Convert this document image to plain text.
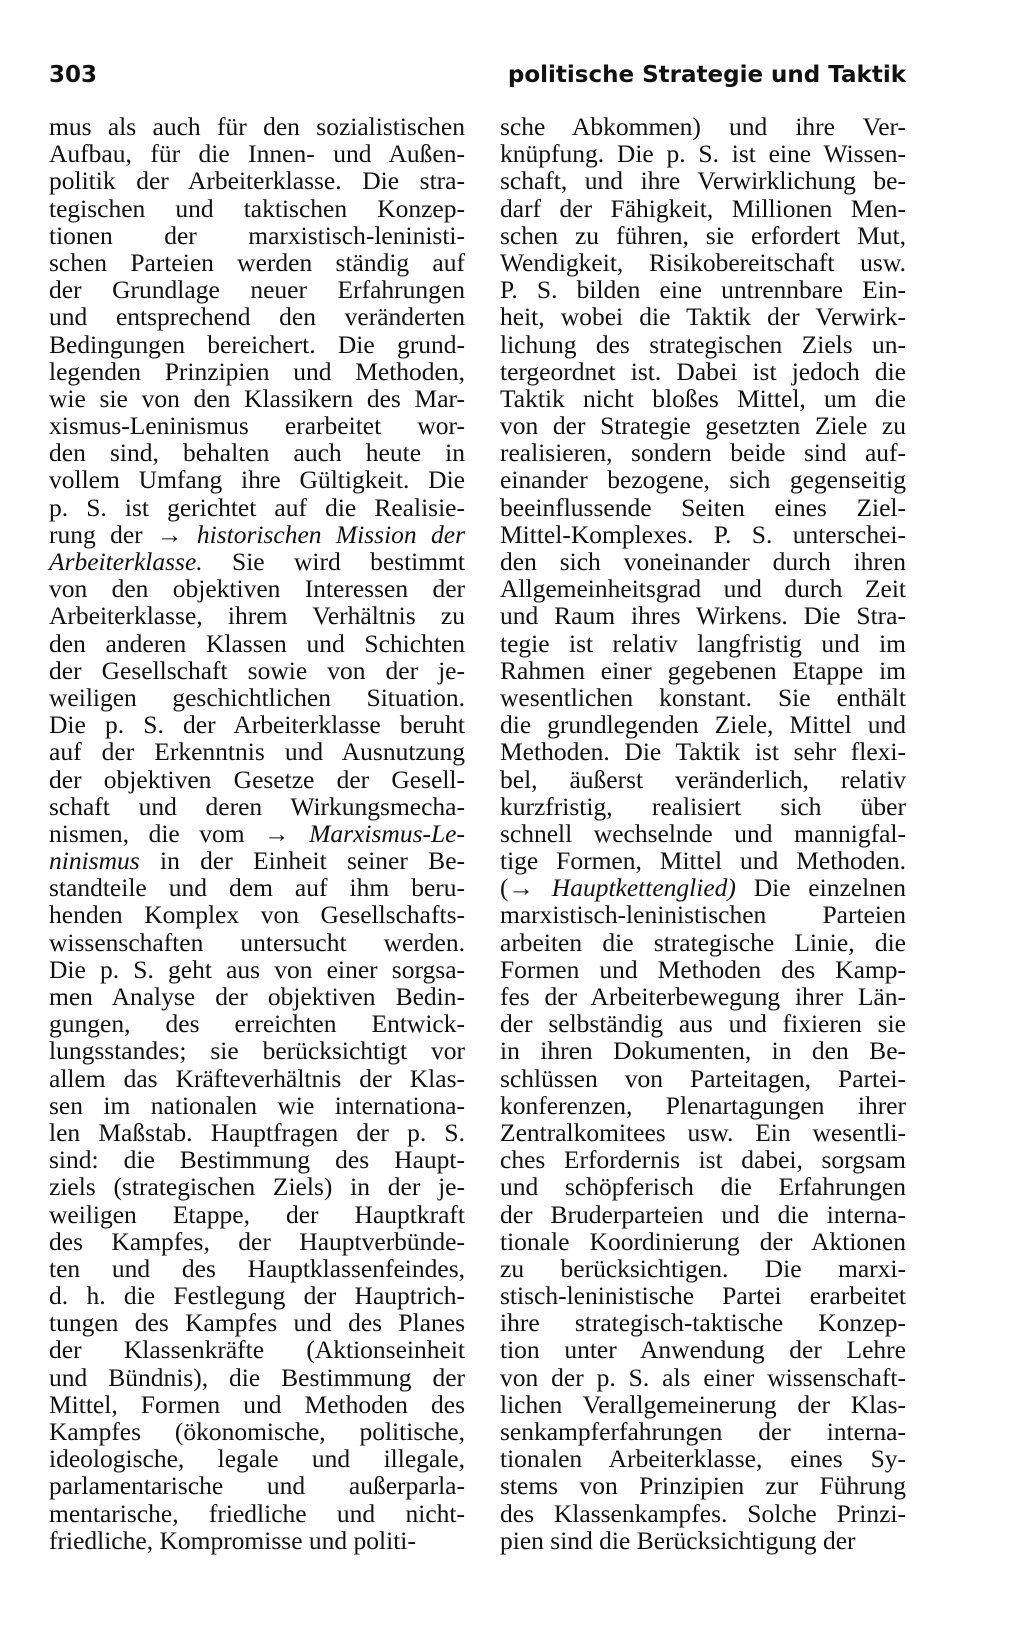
303	politische Strategie und Taktik
mus als auch für den sozialistischen
Aufbau, für die Innen- und Außen-
politik der Arbeiterklasse. Die stra-
tegischen und taktischen Konzep-
tionen der marxistisch-leninisti-
schen Parteien werden ständig auf
der Grundlage neuer Erfahrungen
und entsprechend den veränderten
Bedingungen bereichert. Die grund-
legenden Prinzipien und Methoden,
wie sie von den Klassikern des Mar-
xismus-Leninismus erarbeitet wor-
den sind, behalten auch heute in
vollem Umfang ihre Gültigkeit. Die
p. S. ist gerichtet auf die Realisie-
rung der → historischen Mission der
Arbeiterklasse. Sie wird bestimmt
von den objektiven Interessen der
Arbeiterklasse, ihrem Verhältnis zu
den anderen Klassen und Schichten
der Gesellschaft sowie von der je-
weiligen geschichtlichen Situation.
Die p. S. der Arbeiterklasse beruht
auf der Erkenntnis und Ausnutzung
der objektiven Gesetze der Gesell-
schaft und deren Wirkungsmecha-
nismen, die vom → Marxismus-Le-
ninismus in der Einheit seiner Be-
standteile und dem auf ihm beru-
henden Komplex von Gesellschafts-
wissenschaften untersucht werden.
Die p. S. geht aus von einer sorgsa-
men Analyse der objektiven Bedin-
gungen, des erreichten Entwick-
lungsstandes; sie berücksichtigt vor
allem das Kräfteverhältnis der Klas-
sen im nationalen wie internationa-
len Maßstab. Hauptfragen der p. S.
sind: die Bestimmung des Haupt-
ziels (strategischen Ziels) in der je-
weiligen Etappe, der Hauptkraft
des Kampfes, der Hauptverbünde-
ten und des Hauptklassenfeindes,
d. h. die Festlegung der Hauptrich-
tungen des Kampfes und des Planes
der Klassenkräfte (Aktionseinheit
und Bündnis), die Bestimmung der
Mittel, Formen und Methoden des
Kampfes (ökonomische, politische,
ideologische, legale und illegale,
parlamentarische und außerparla-
mentarische, friedliche und nicht-
friedliche, Kompromisse und politi-
sche Abkommen) und ihre Ver-
knüpfung. Die p. S. ist eine Wissen-
schaft, und ihre Verwirklichung be-
darf der Fähigkeit, Millionen Men-
schen zu führen, sie erfordert Mut,
Wendigkeit, Risikobereitschaft usw.
P. S. bilden eine untrennbare Ein-
heit, wobei die Taktik der Verwirk-
lichung des strategischen Ziels un-
tergeordnet ist. Dabei ist jedoch die
Taktik nicht bloßes Mittel, um die
von der Strategie gesetzten Ziele zu
realisieren, sondern beide sind auf-
einander bezogene, sich gegenseitig
beeinflussende Seiten eines Ziel-
Mittel-Komplexes. P. S. unterschei-
den sich voneinander durch ihren
Allgemeinheitsgrad und durch Zeit
und Raum ihres Wirkens. Die Stra-
tegie ist relativ langfristig und im
Rahmen einer gegebenen Etappe im
wesentlichen konstant. Sie enthält
die grundlegenden Ziele, Mittel und
Methoden. Die Taktik ist sehr flexi-
bel, äußerst veränderlich, relativ
kurzfristig, realisiert sich über
schnell wechselnde und mannigfal-
tige Formen, Mittel und Methoden.
(→ Hauptkettenglied) Die einzelnen
marxistisch-leninistischen Parteien
arbeiten die strategische Linie, die
Formen und Methoden des Kamp-
fes der Arbeiterbewegung ihrer Län-
der selbständig aus und fixieren sie
in ihren Dokumenten, in den Be-
schlüssen von Parteitagen, Partei-
konferenzen, Plenartagungen ihrer
Zentralkomitees usw. Ein wesentli-
ches Erfordernis ist dabei, sorgsam
und schöpferisch die Erfahrungen
der Bruderparteien und die interna-
tionale Koordinierung der Aktionen
zu berücksichtigen. Die marxi-
stisch-leninistische Partei erarbeitet
ihre strategisch-taktische Konzep-
tion unter Anwendung der Lehre
von der p. S. als einer wissenschaft-
lichen Verallgemeinerung der Klas-
senkampferfahrungen der interna-
tionalen Arbeiterklasse, eines Sy-
stems von Prinzipien zur Führung
des Klassenkampfes. Solche Prinzi-
pien sind die Berücksichtigung der
